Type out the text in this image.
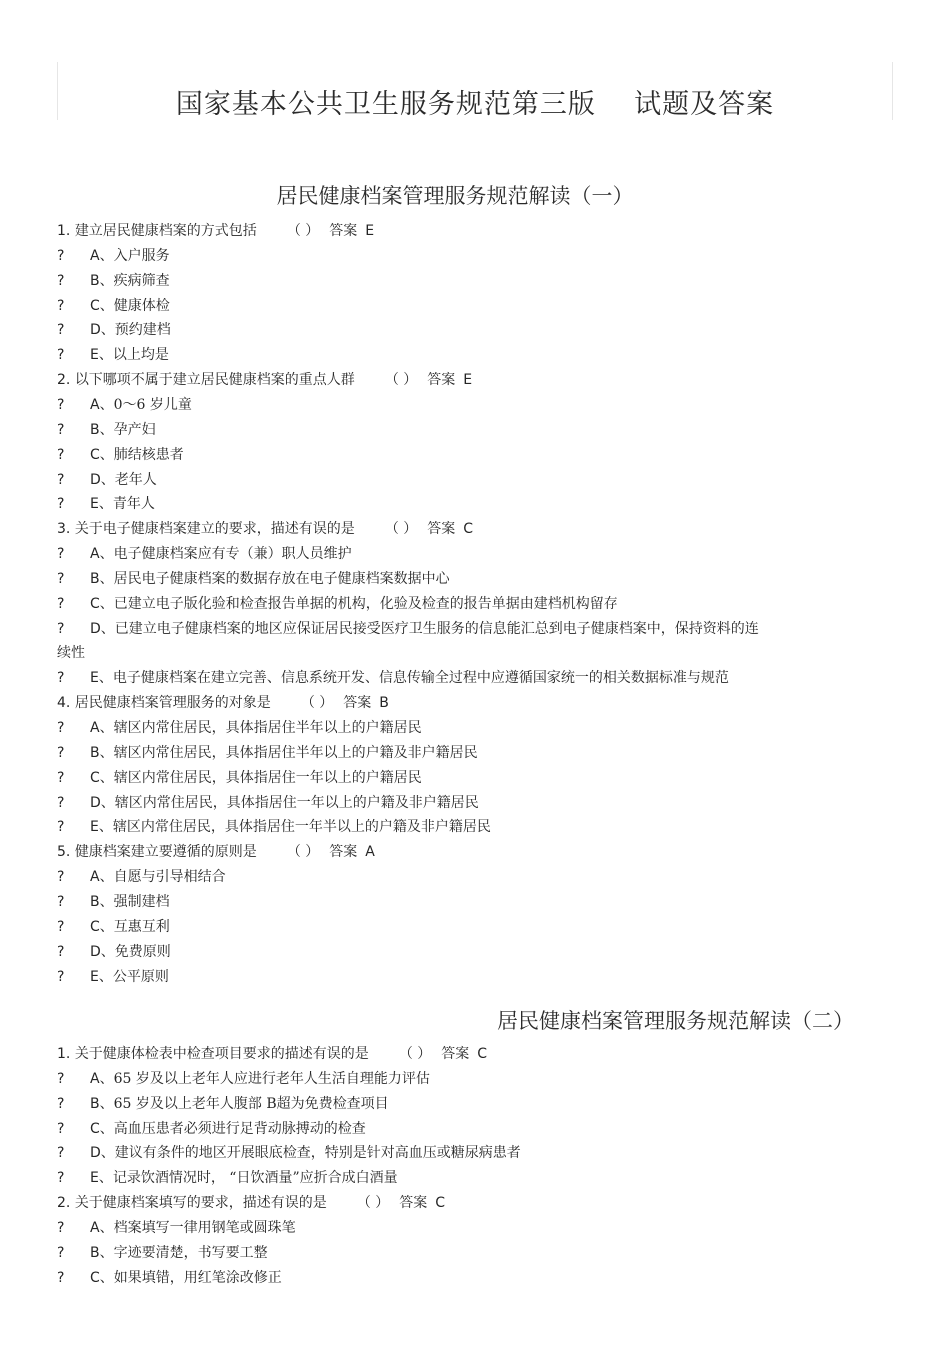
国家基本公共卫生服务规范第三版    试题及答案
居民健康档案管理服务规范解读（一）
居民健康档案管理服务规范解读（二）
1. 建立居民健康档案的方式包括 （ ） 答案 E
? A、入户服务
? B、疾病筛查
? C、健康体检
? D、预约建档
? E、以上均是
2. 以下哪项不属于建立居民健康档案的重点人群 （ ） 答案 E
? A、0～6 岁儿童
? B、孕产妇
? C、肺结核患者
? D、老年人
? E、青年人
3. 关于电子健康档案建立的要求，描述有误的是 （ ） 答案 C
? A、电子健康档案应有专（兼）职人员维护
? B、居民电子健康档案的数据存放在电子健康档案数据中心
? C、已建立电子版化验和检查报告单据的机构，化验及检查的报告单据由建档机构留存
? D、已建立电子健康档案的地区应保证居民接受医疗卫生服务的信息能汇总到电子健康档案中，保持资料的连
续性
? E、电子健康档案在建立完善、信息系统开发、信息传输全过程中应遵循国家统一的相关数据标准与规范
4. 居民健康档案管理服务的对象是 （ ） 答案 B
? A、辖区内常住居民，具体指居住半年以上的户籍居民
? B、辖区内常住居民，具体指居住半年以上的户籍及非户籍居民
? C、辖区内常住居民，具体指居住一年以上的户籍居民
? D、辖区内常住居民，具体指居住一年以上的户籍及非户籍居民
? E、辖区内常住居民，具体指居住一年半以上的户籍及非户籍居民
5. 健康档案建立要遵循的原则是 （ ） 答案 A
? A、自愿与引导相结合
? B、强制建档
? C、互惠互利
? D、免费原则
? E、公平原则
1. 关于健康体检表中检查项目要求的描述有误的是 （ ） 答案 C
? A、65 岁及以上老年人应进行老年人生活自理能力评估
? B、65 岁及以上老年人腹部 B超为免费检查项目
? C、高血压患者必须进行足背动脉搏动的检查
? D、建议有条件的地区开展眼底检查，特别是针对高血压或糖尿病患者
? E、记录饮酒情况时， “日饮酒量”应折合成白酒量
2. 关于健康档案填写的要求，描述有误的是 （ ） 答案 C
? A、档案填写一律用钢笔或圆珠笔
? B、字迹要清楚，书写要工整
? C、如果填错，用红笔涂改修正
